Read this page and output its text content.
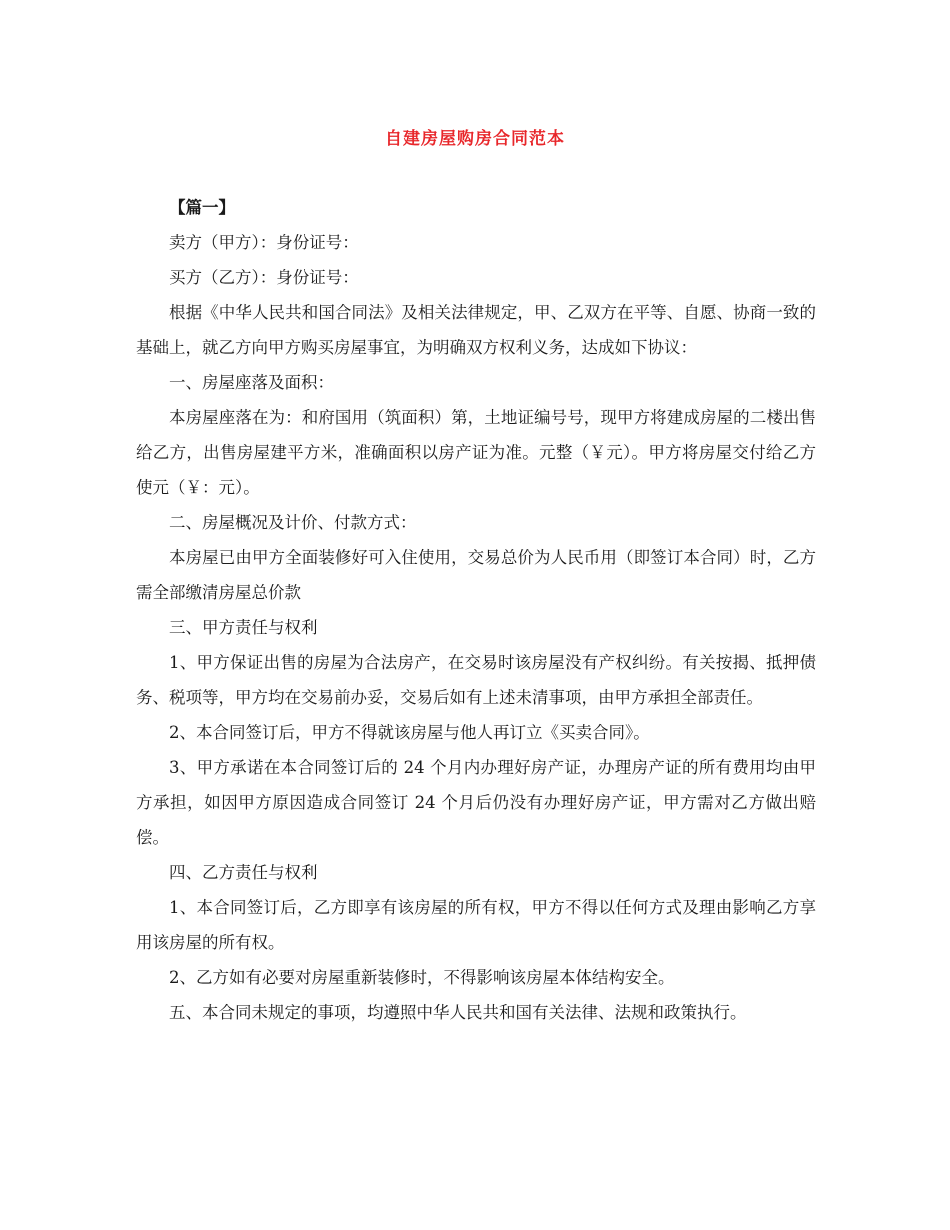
自建房屋购房合同范本

【篇一】

卖方（甲方）：身份证号：

买方（乙方）：身份证号：

根据《中华人民共和国合同法》及相关法律规定，甲、乙双方在平等、自愿、协商一致的基础上，就乙方向甲方购买房屋事宜，为明确双方权利义务，达成如下协议：

一、房屋座落及面积：

本房屋座落在为：和府国用（筑面积）第，土地证编号号，现甲方将建成房屋的二楼出售给乙方，出售房屋建平方米，准确面积以房产证为准。元整（￥元）。甲方将房屋交付给乙方使元（￥：元）。

二、房屋概况及计价、付款方式：

本房屋已由甲方全面装修好可入住使用，交易总价为人民币用（即签订本合同）时，乙方需全部缴清房屋总价款

三、甲方责任与权利

1、甲方保证出售的房屋为合法房产，在交易时该房屋没有产权纠纷。有关按揭、抵押债务、税项等，甲方均在交易前办妥，交易后如有上述未清事项，由甲方承担全部责任。

2、本合同签订后，甲方不得就该房屋与他人再订立《买卖合同》。

3、甲方承诺在本合同签订后的 24 个月内办理好房产证，办理房产证的所有费用均由甲方承担，如因甲方原因造成合同签订 24 个月后仍没有办理好房产证，甲方需对乙方做出赔偿。

四、乙方责任与权利

1、本合同签订后，乙方即享有该房屋的所有权，甲方不得以任何方式及理由影响乙方享用该房屋的所有权。

2、乙方如有必要对房屋重新装修时，不得影响该房屋本体结构安全。

五、本合同未规定的事项，均遵照中华人民共和国有关法律、法规和政策执行。
